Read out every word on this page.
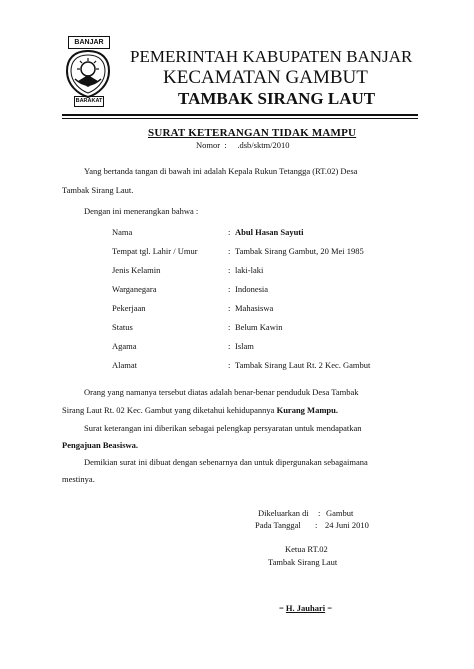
BANJAR
BARAKAT
PEMERINTAH KABUPATEN BANJAR
KECAMATAN GAMBUT
TAMBAK SIRANG LAUT
SURAT KETERANGAN TIDAK MAMPU
Nomor : .dsb/sktm/2010
Yang bertanda tangan di bawah ini adalah Kepala Rukun Tetangga (RT.02) Desa
Tambak Sirang Laut.
Dengan ini menerangkan bahwa :
Nama	: Abul Hasan Sayuti
Tempat tgl. Lahir / Umur	: Tambak Sirang Gambut, 20 Mei 1985
Jenis Kelamin	: laki-laki
Warganegara	: Indonesia
Pekerjaan	: Mahasiswa
Status	: Belum Kawin
Agama	: Islam
Alamat	: Tambak Sirang Laut Rt. 2 Kec. Gambut
Orang yang namanya tersebut diatas adalah benar-benar penduduk Desa Tambak
Sirang Laut Rt. 02 Kec. Gambut yang diketahui kehidupannya Kurang Mampu.
Surat keterangan ini diberikan sebagai pelengkap persyaratan untuk mendapatkan
Pengajuan Beasiswa.
Demikian surat ini dibuat dengan sebenarnya dan untuk dipergunakan sebagaimana
mestinya.
Dikeluarkan di : Gambut
Pada Tanggal : 24 Juni 2010
Ketua RT.02
Tambak Sirang Laut
= H. Jauhari =
